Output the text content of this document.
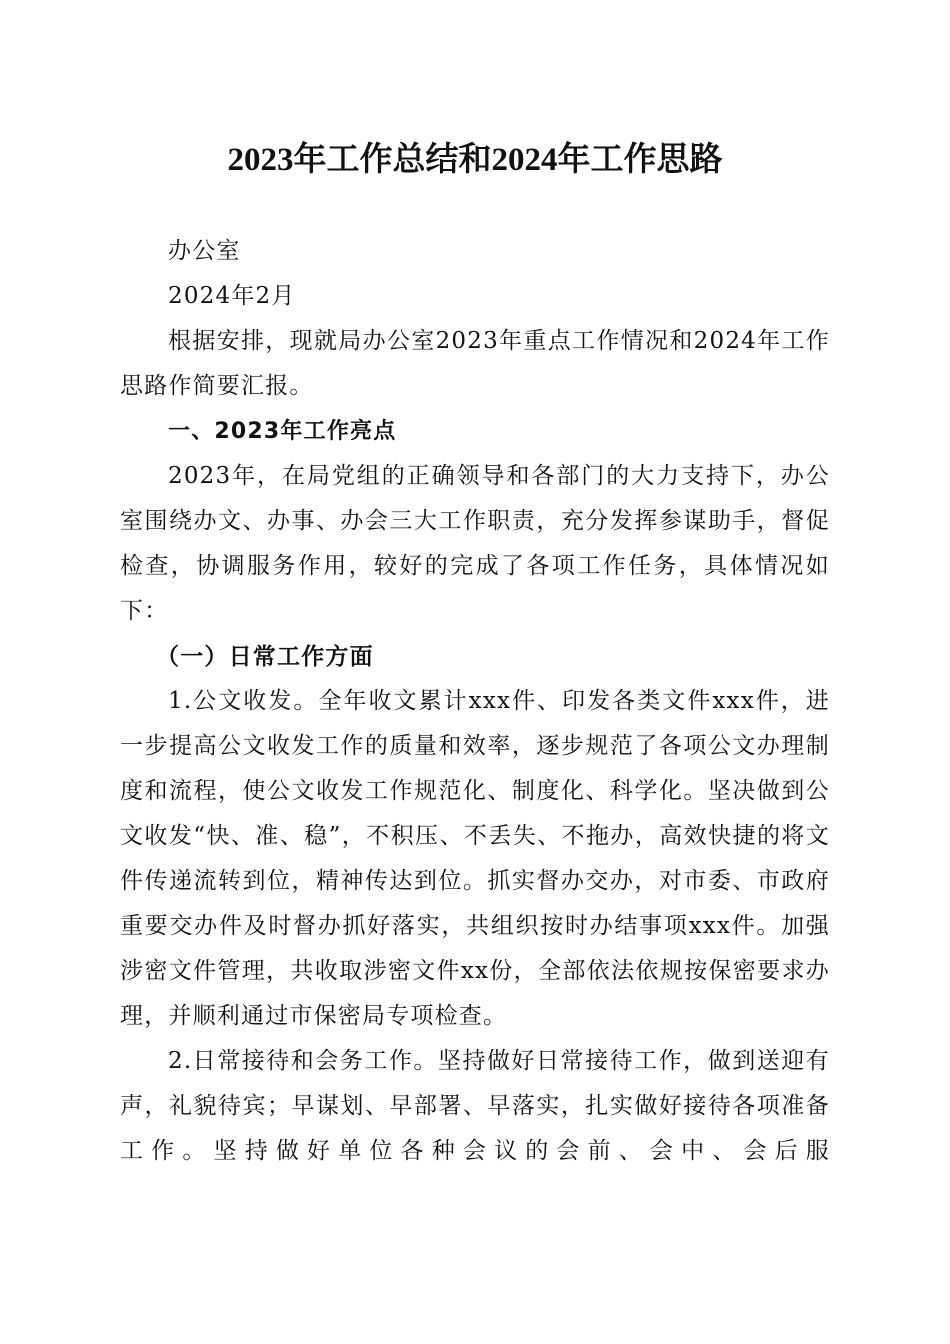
2023年工作总结和2024年工作思路

办公室

2024年2月

根据安排，现就局办公室2023年重点工作情况和2024年工作思路作简要汇报。

一、2023年工作亮点

2023年，在局党组的正确领导和各部门的大力支持下，办公室围绕办文、办事、办会三大工作职责，充分发挥参谋助手，督促检查，协调服务作用，较好的完成了各项工作任务，具体情况如下：

（一）日常工作方面

1.公文收发。全年收文累计xxx件、印发各类文件xxx件，进一步提高公文收发工作的质量和效率，逐步规范了各项公文办理制度和流程，使公文收发工作规范化、制度化、科学化。坚决做到公文收发“快、准、稳”，不积压、不丢失、不拖办，高效快捷的将文件传递流转到位，精神传达到位。抓实督办交办，对市委、市政府重要交办件及时督办抓好落实，共组织按时办结事项xxx件。加强涉密文件管理，共收取涉密文件xx份，全部依法依规按保密要求办理，并顺利通过市保密局专项检查。

2.日常接待和会务工作。坚持做好日常接待工作，做到送迎有声，礼貌待宾；早谋划、早部署、早落实，扎实做好接待各项准备工作。坚持做好单位各种会议的会前、会中、会后服
